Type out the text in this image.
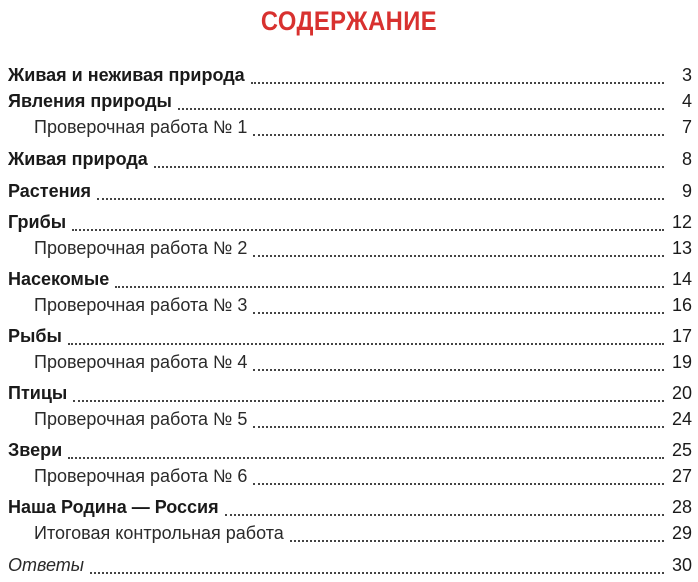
СОДЕРЖАНИЕ
Живая и неживая природа	3
Явления природы	4
Проверочная работа № 1	7
Живая природа	8
Растения	9
Грибы	12
Проверочная работа № 2	13
Насекомые	14
Проверочная работа № 3	16
Рыбы	17
Проверочная работа № 4	19
Птицы	20
Проверочная работа № 5	24
Звери	25
Проверочная работа № 6	27
Наша Родина — Россия	28
Итоговая контрольная работа	29
Ответы	30
